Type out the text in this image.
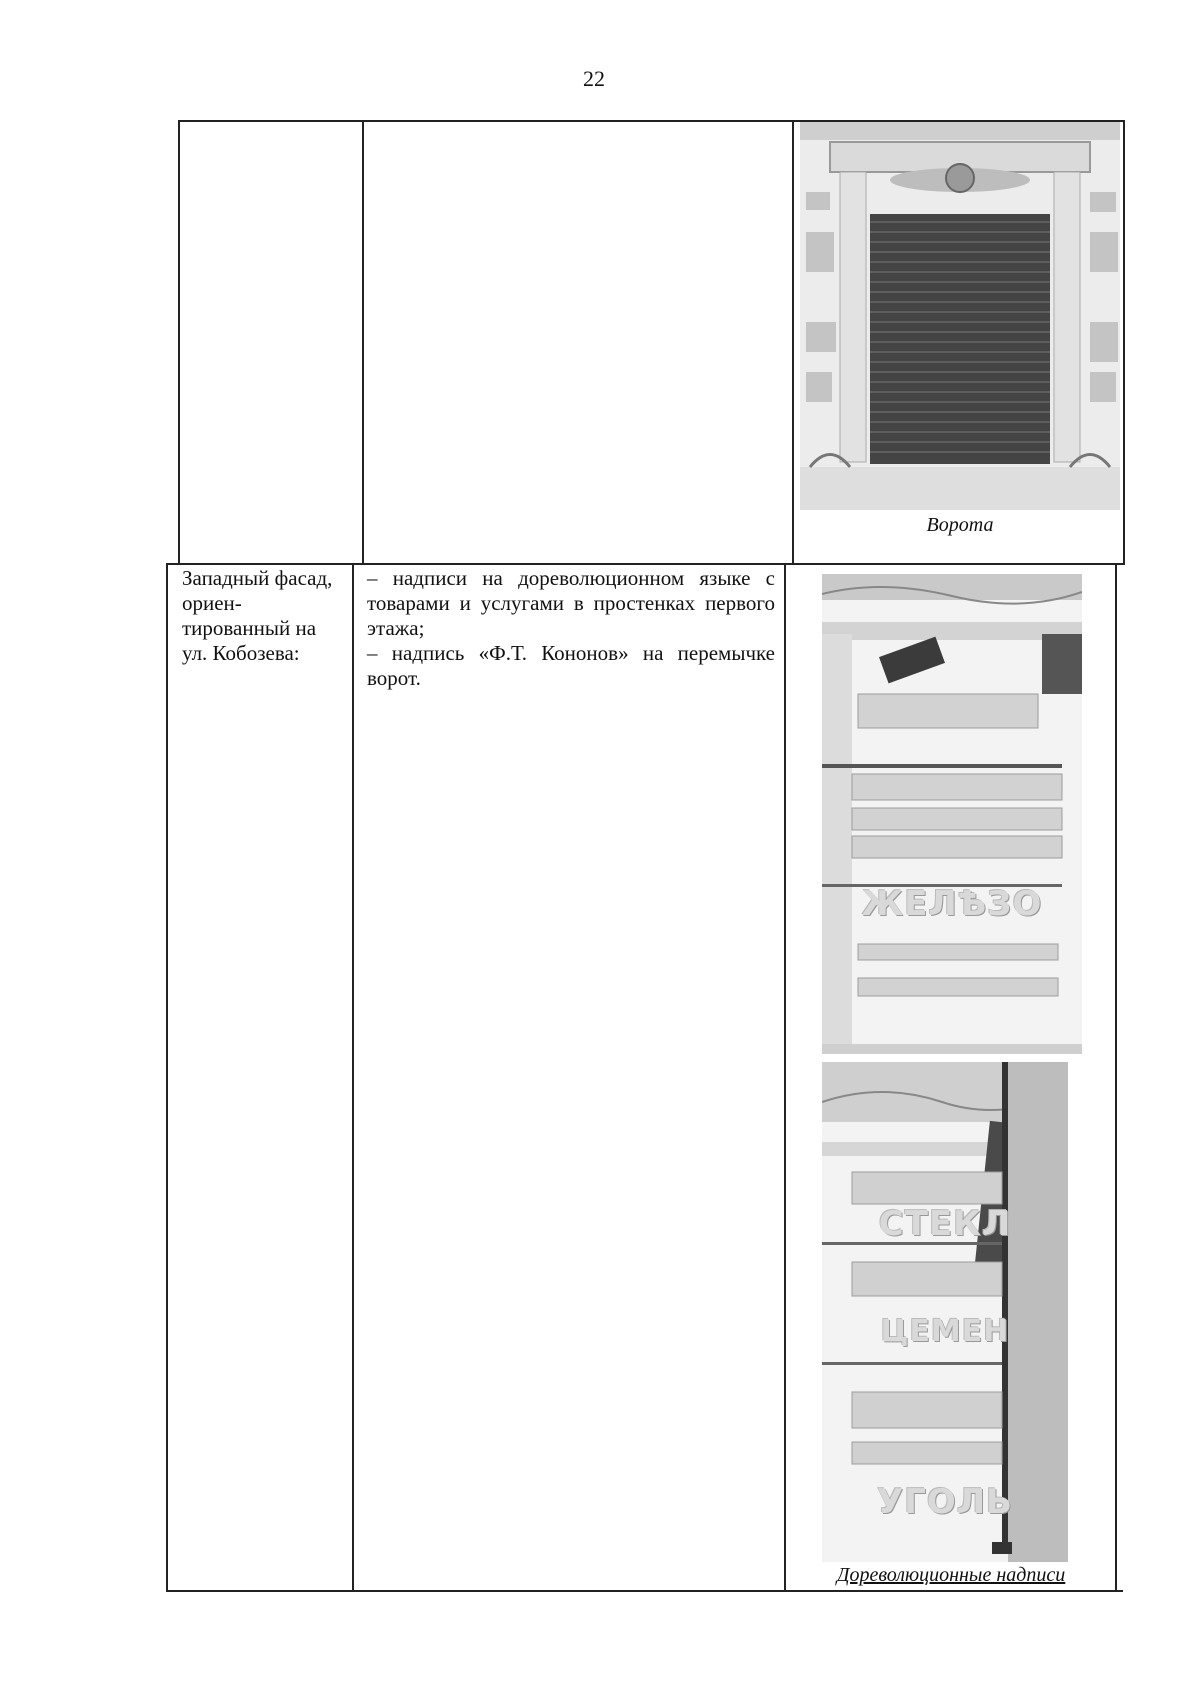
22
Ворота
Западный фасад, ориен-тированный на ул. Кобозева:
– надписи на дореволюционном языке с товарами и услугами в простенках первого этажа;
– надпись «Ф.Т. Кононов» на перемычке ворот.
ЖЕЛѢЗО
СТЕКЛ
ЦЕМЕН
УГОЛЬ
Дореволюционные надписи
